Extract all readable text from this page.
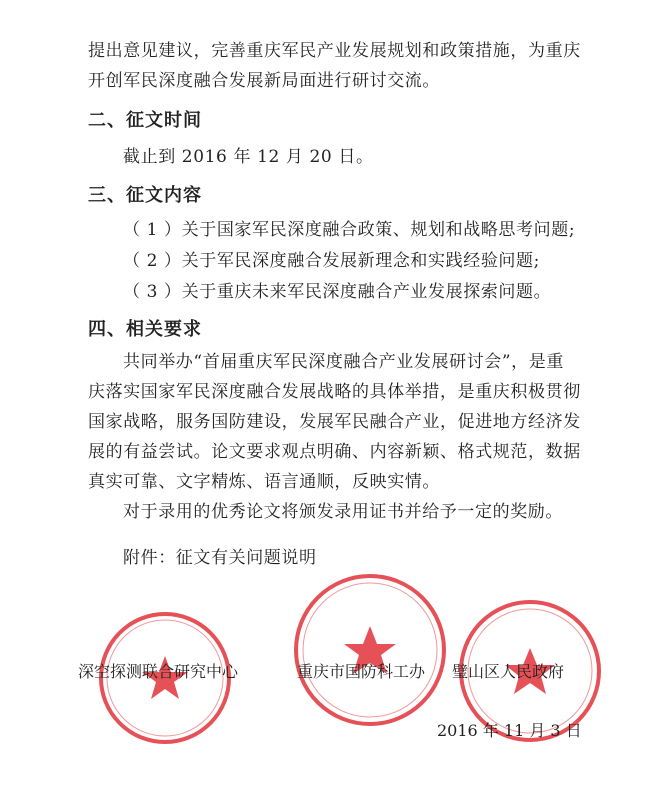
提出意见建议，完善重庆军民产业发展规划和政策措施，为重庆
开创军民深度融合发展新局面进行研讨交流。
二、征文时间
截止到 2016 年 12 月 20 日。
三、征文内容
（ 1 ）关于国家军民深度融合政策、规划和战略思考问题;
（ 2 ）关于军民深度融合发展新理念和实践经验问题;
（ 3 ）关于重庆未来军民深度融合产业发展探索问题。
四、相关要求
共同举办“首届重庆军民深度融合产业发展研讨会”，是重
庆落实国家军民深度融合发展战略的具体举措，是重庆积极贯彻
国家战略，服务国防建设，发展军民融合产业，促进地方经济发
展的有益尝试。论文要求观点明确、内容新颖、格式规范，数据
真实可靠、文字精炼、语言通顺，反映实情。
对于录用的优秀论文将颁发录用证书并给予一定的奖励。
附件：征文有关问题说明
深空探测联合研究中心	重庆市国防科工办 璧山区人民政府
2016 年 11 月 3 日
